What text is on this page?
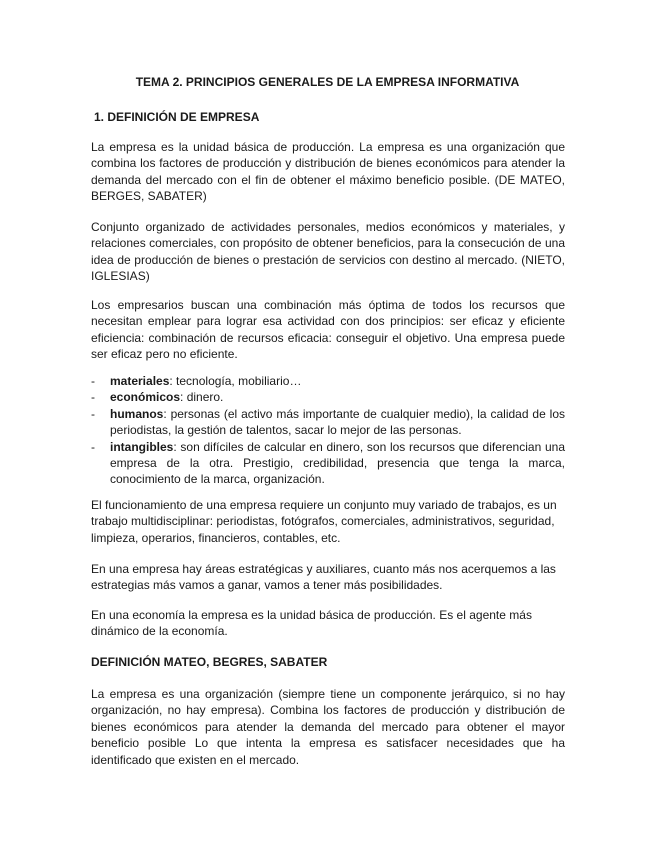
TEMA 2. PRINCIPIOS GENERALES DE LA EMPRESA INFORMATIVA
1. DEFINICIÓN DE EMPRESA
La empresa es la unidad básica de producción. La empresa es una organización que combina los factores de producción y distribución de bienes económicos para atender la demanda del mercado con el fin de obtener el máximo beneficio posible. (DE MATEO, BERGES, SABATER)
Conjunto organizado de actividades personales, medios económicos y materiales, y relaciones comerciales, con propósito de obtener beneficios, para la consecución de una idea de producción de bienes o prestación de servicios con destino al mercado. (NIETO, IGLESIAS)
Los empresarios buscan una combinación más óptima de todos los recursos que necesitan emplear para lograr esa actividad con dos principios: ser eficaz y eficiente eficiencia: combinación de recursos eficacia: conseguir el objetivo. Una empresa puede ser eficaz pero no eficiente.
- materiales: tecnología, mobiliario…
- económicos: dinero.
- humanos: personas (el activo más importante de cualquier medio), la calidad de los periodistas, la gestión de talentos, sacar lo mejor de las personas.
- intangibles: son difíciles de calcular en dinero, son los recursos que diferencian una empresa de la otra. Prestigio, credibilidad, presencia que tenga la marca, conocimiento de la marca, organización.
El funcionamiento de una empresa requiere un conjunto muy variado de trabajos, es un trabajo multidisciplinar: periodistas, fotógrafos, comerciales, administrativos, seguridad, limpieza, operarios, financieros, contables, etc.
En una empresa hay áreas estratégicas y auxiliares, cuanto más nos acerquemos a las estrategias más vamos a ganar, vamos a tener más posibilidades.
En una economía la empresa es la unidad básica de producción. Es el agente más dinámico de la economía.
DEFINICIÓN MATEO, BEGRES, SABATER
La empresa es una organización (siempre tiene un componente jerárquico, si no hay organización, no hay empresa). Combina los factores de producción y distribución de bienes económicos para atender la demanda del mercado para obtener el mayor beneficio posible Lo que intenta la empresa es satisfacer necesidades que ha identificado que existen en el mercado.
